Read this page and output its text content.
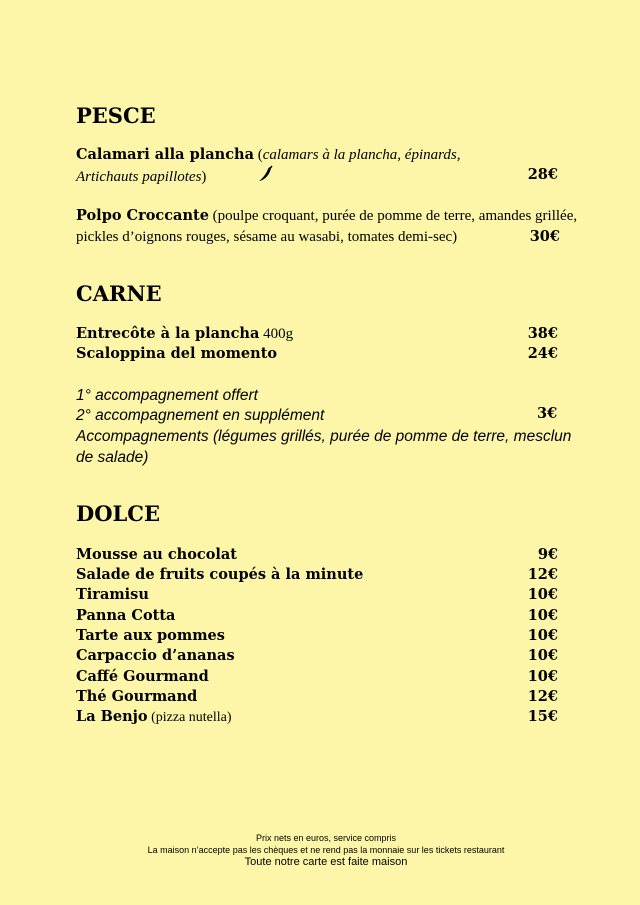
PESCE
Calamari alla plancha (calamars à la plancha, épinards,
Artichauts papillotes)	28€
Polpo Croccante (poulpe croquant, purée de pomme de terre, amandes grillée,
pickles d’oignons rouges, sésame au wasabi, tomates demi-sec)	30€
CARNE
Entrecôte à la plancha 400g	38€
Scaloppina del momento	24€
1° accompagnement offert
2° accompagnement en supplément	3€
Accompagnements (légumes grillés, purée de pomme de terre, mesclun
de salade)
DOLCE
Mousse au chocolat	9€
Salade de fruits coupés à la minute	12€
Tiramisu	10€
Panna Cotta	10€
Tarte aux pommes	10€
Carpaccio d’ananas	10€
Caffé Gourmand	10€
Thé Gourmand	12€
La Benjo (pizza nutella)	15€
Prix nets en euros, service compris
La maison n’accepte pas les chèques et ne rend pas la monnaie sur les tickets restaurant
Toute notre carte est faite maison
